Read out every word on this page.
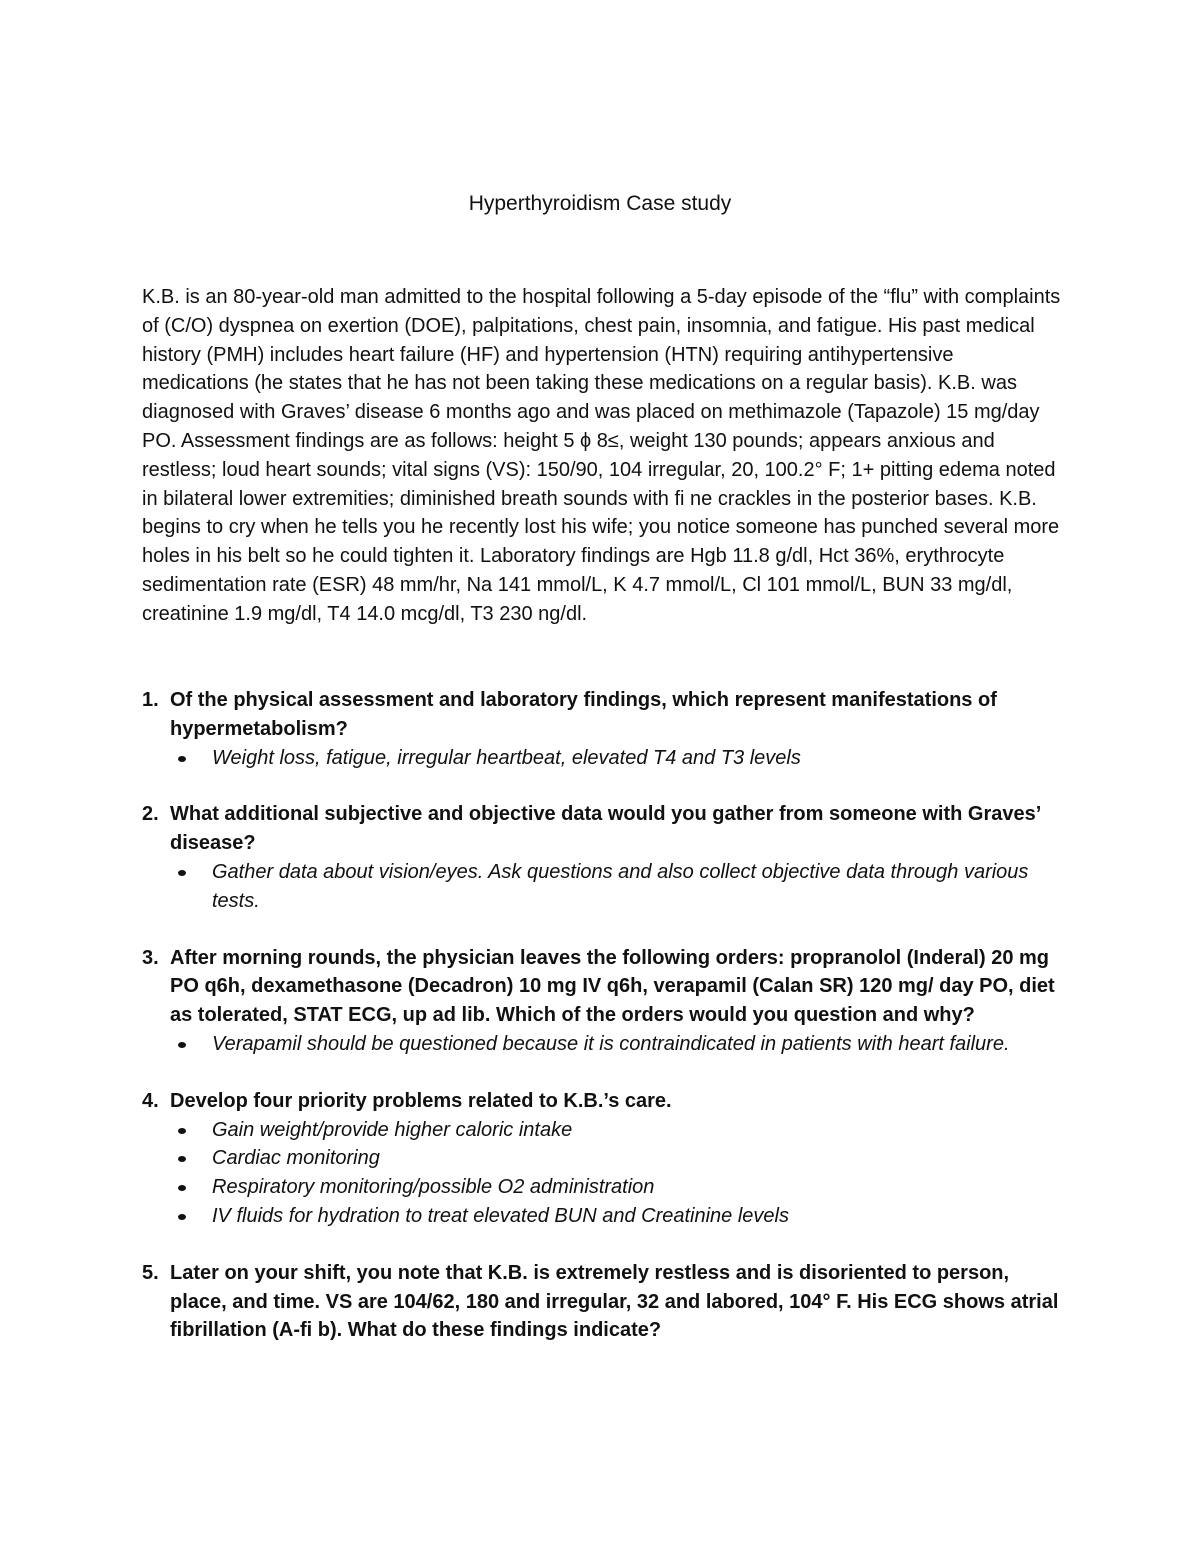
Hyperthyroidism Case study

K.B. is an 80-year-old man admitted to the hospital following a 5-day episode of the “flu” with complaints of (C/O) dyspnea on exertion (DOE), palpitations, chest pain, insomnia, and fatigue. His past medical history (PMH) includes heart failure (HF) and hypertension (HTN) requiring antihypertensive medications (he states that he has not been taking these medications on a regular basis). K.B. was diagnosed with Graves’ disease 6 months ago and was placed on methimazole (Tapazole) 15 mg/day PO. Assessment findings are as follows: height 5 ϕ 8≤, weight 130 pounds; appears anxious and restless; loud heart sounds; vital signs (VS): 150/90, 104 irregular, 20, 100.2° F; 1+ pitting edema noted in bilateral lower extremities; diminished breath sounds with fi ne crackles in the posterior bases. K.B. begins to cry when he tells you he recently lost his wife; you notice someone has punched several more holes in his belt so he could tighten it. Laboratory findings are Hgb 11.8 g/dl, Hct 36%, erythrocyte sedimentation rate (ESR) 48 mm/hr, Na 141 mmol/L, K 4.7 mmol/L, Cl 101 mmol/L, BUN 33 mg/dl, creatinine 1.9 mg/dl, T4 14.0 mcg/dl, T3 230 ng/dl.

1. Of the physical assessment and laboratory findings, which represent manifestations of hypermetabolism?

Weight loss, fatigue, irregular heartbeat, elevated T4 and T3 levels
2. What additional subjective and objective data would you gather from someone with Graves’ disease?

Gather data about vision/eyes. Ask questions and also collect objective data through various tests.
3. After morning rounds, the physician leaves the following orders: propranolol (Inderal) 20 mg PO q6h, dexamethasone (Decadron) 10 mg IV q6h, verapamil (Calan SR) 120 mg/ day PO, diet as tolerated, STAT ECG, up ad lib. Which of the orders would you question and why?

Verapamil should be questioned because it is contraindicated in patients with heart failure.
4. Develop four priority problems related to K.B.’s care.

Gain weight/provide higher caloric intake
Cardiac monitoring
Respiratory monitoring/possible O2 administration
IV fluids for hydration to treat elevated BUN and Creatinine levels
5. Later on your shift, you note that K.B. is extremely restless and is disoriented to person, place, and time. VS are 104/62, 180 and irregular, 32 and labored, 104° F. His ECG shows atrial fibrillation (A-fi b). What do these findings indicate?
